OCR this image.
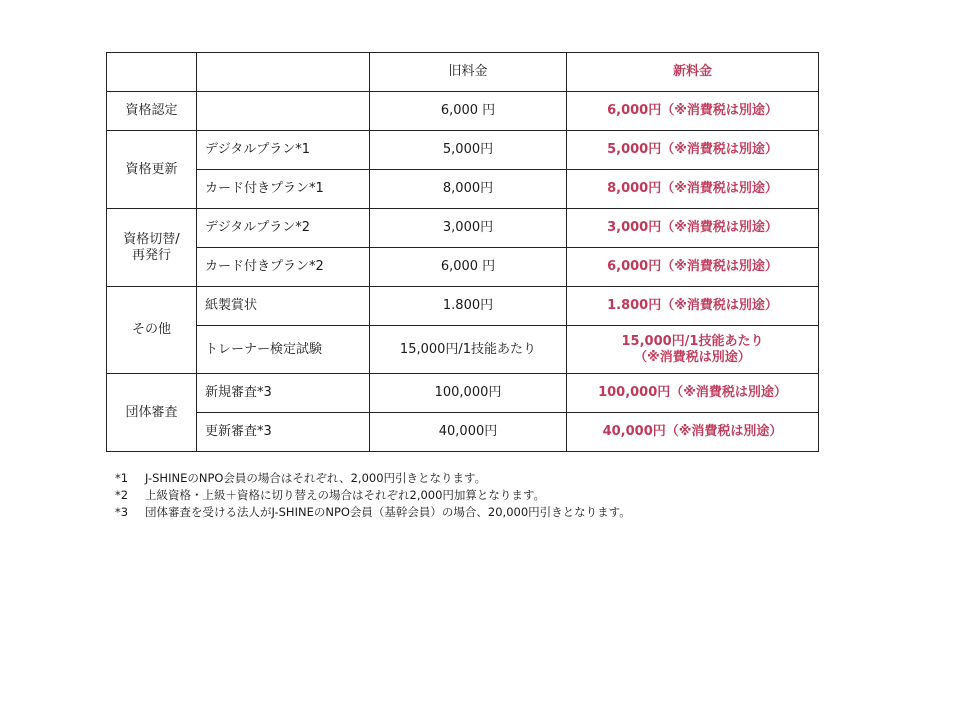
		旧料金	新料金
資格認定		6,000 円	6,000円（※消費税は別途）
資格更新	デジタルプラン*1	5,000円	5,000円（※消費税は別途）
	カード付きプラン*1	8,000円	8,000円（※消費税は別途）

資格切替/
再発行	デジタルプラン*2	3,000円	3,000円（※消費税は別途）
	カード付きプラン*2	6,000 円	6,000円（※消費税は別途）
その他	紙製賞状	1.800円	1.800円（※消費税は別途）
	トレーナー検定試験	15,000円/1技能あたり	15,000円/1技能あたり
（※消費税は別途）

団体審査	新規審査*3	100,000円	100,000円（※消費税は別途）
	更新審査*3	40,000円	40,000円（※消費税は別途）
*1 J-SHINEのNPO会員の場合はそれぞれ、2,000円引きとなります。
*2 上級資格・上級＋資格に切り替えの場合はそれぞれ2,000円加算となります。
*3 団体審査を受ける法人がJ-SHINEのNPO会員（基幹会員）の場合、20,000円引きとなります。
